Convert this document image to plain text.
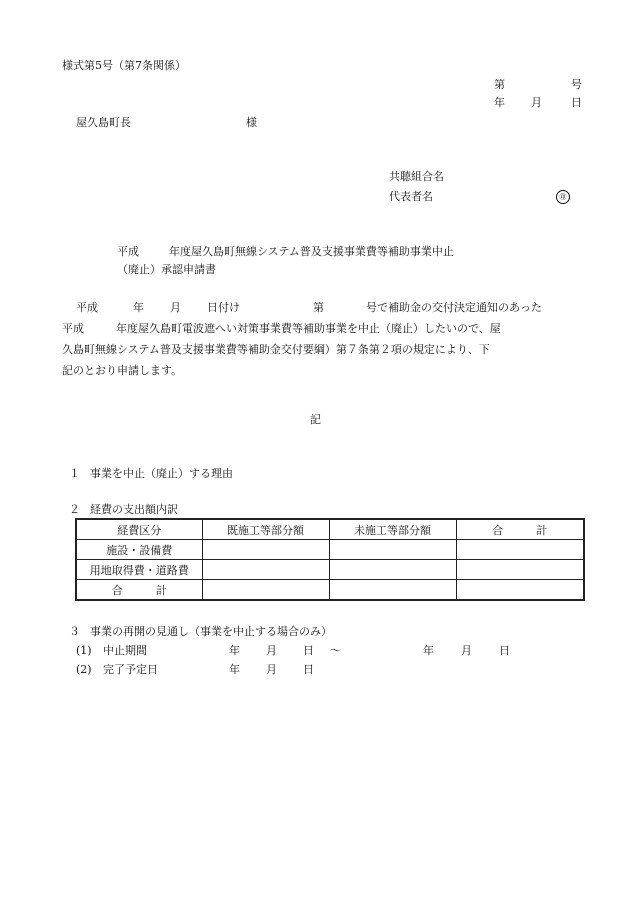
様式第5号（第7条関係）
第	号
年 月	日
屋久島町長	様
共聴組合名
代表者名	㊞
平成	年度屋久島町無線システム普及支援事業費等補助事業中止
（廃止）承認申請書
平成	年 月 日付け	第	号で補助金の交付決定通知のあった
平成	年度屋久島町電波遮へい対策事業費等補助事業を中止（廃止）したいので、屋
久島町無線システム普及支援事業費等補助金交付要綱）第７条第２項の規定により、下
記のとおり申請します。
記
１ 事業を中止（廃止）する理由
２ 経費の支出額内訳
経費区分	既施工等部分額	未施工等部分額	合　　　計
施設・設備費			
用地取得費・道路費			
合　　　計			
３ 事業の再開の見通し（事業を中止する場合のみ）
(1) 中止期間	年 月 日 ～	年 月 日
(2) 完了予定日	年 月 日
